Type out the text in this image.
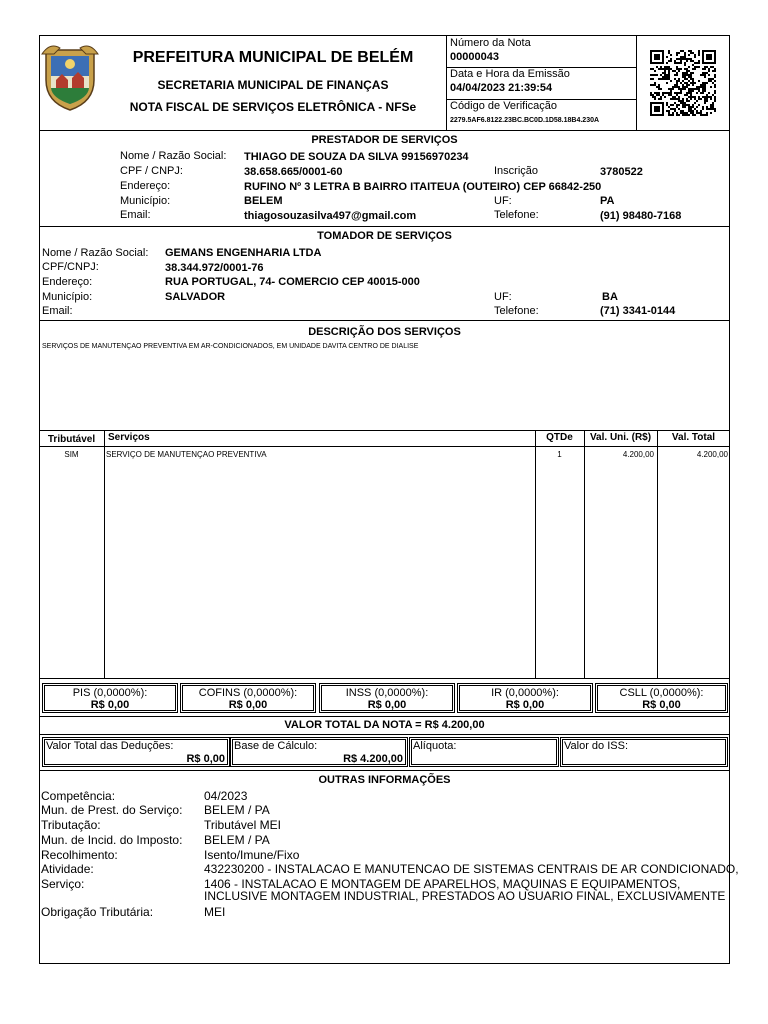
PREFEITURA MUNICIPAL DE BELÉM
SECRETARIA MUNICIPAL DE FINANÇAS
NOTA FISCAL DE SERVIÇOS ELETRÔNICA - NFSe
Número da Nota
00000043
Data e Hora da Emissão
04/04/2023 21:39:54
Código de Verificação
2279.5AF6.8122.23BC.BC0D.1D58.18B4.230A
PRESTADOR DE SERVIÇOS
Nome / Razão Social: THIAGO DE SOUZA DA SILVA 99156970234
CPF / CNPJ:	38.658.665/0001-60	Inscrição	3780522
Endereço:	RUFINO Nº 3 LETRA B BAIRRO ITAITEUA (OUTEIRO) CEP 66842-250
Município:	BELEM	UF:	PA
Email:	thiagosouzasilva497@gmail.com	Telefone:	(91) 98480-7168
TOMADOR DE SERVIÇOS
Nome / Razão Social: GEMANS ENGENHARIA LTDA
CPF/CNPJ:	38.344.972/0001-76
Endereço:	RUA PORTUGAL, 74- COMERCIO CEP 40015-000
Município:	SALVADOR	UF:	BA
Email:	Telefone:	(71) 3341-0144
DESCRIÇÃO DOS SERVIÇOS
SERVIÇOS DE MANUTENÇAO PREVENTIVA EM AR-CONDICIONADOS, EM UNIDADE DAVITA CENTRO DE DIALISE
Tributável	Serviços	QTDe	Val. Uni. (R$)	Val. Total
SIM	SERVIÇO DE MANUTENÇAO PREVENTIVA	1	4.200,00	4.200,00
PIS (0,0000%):
R$ 0,00
COFINS (0,0000%):
R$ 0,00
INSS (0,0000%):
R$ 0,00
IR (0,0000%):
R$ 0,00
CSLL (0,0000%):
R$ 0,00
VALOR TOTAL DA NOTA = R$ 4.200,00
Valor Total das Deduções:
R$ 0,00
Base de Cálculo:
R$ 4.200,00
Alíquota:	Valor do ISS:
OUTRAS INFORMAÇÕES
Competência:	04/2023
Mun. de Prest. do Serviço: BELEM / PA
Tributação:	Tributável MEI
Mun. de Incid. do Imposto: BELEM / PA
Recolhimento:	Isento/Imune/Fixo
Atividade:	432230200 - INSTALACAO E MANUTENCAO DE SISTEMAS CENTRAIS DE AR CONDICIONADO,
Serviço:	1406 - INSTALACAO E MONTAGEM DE APARELHOS, MAQUINAS E EQUIPAMENTOS,
INCLUSIVE MONTAGEM INDUSTRIAL, PRESTADOS AO USUARIO FINAL, EXCLUSIVAMENTE
Obrigação Tributária:	MEI
